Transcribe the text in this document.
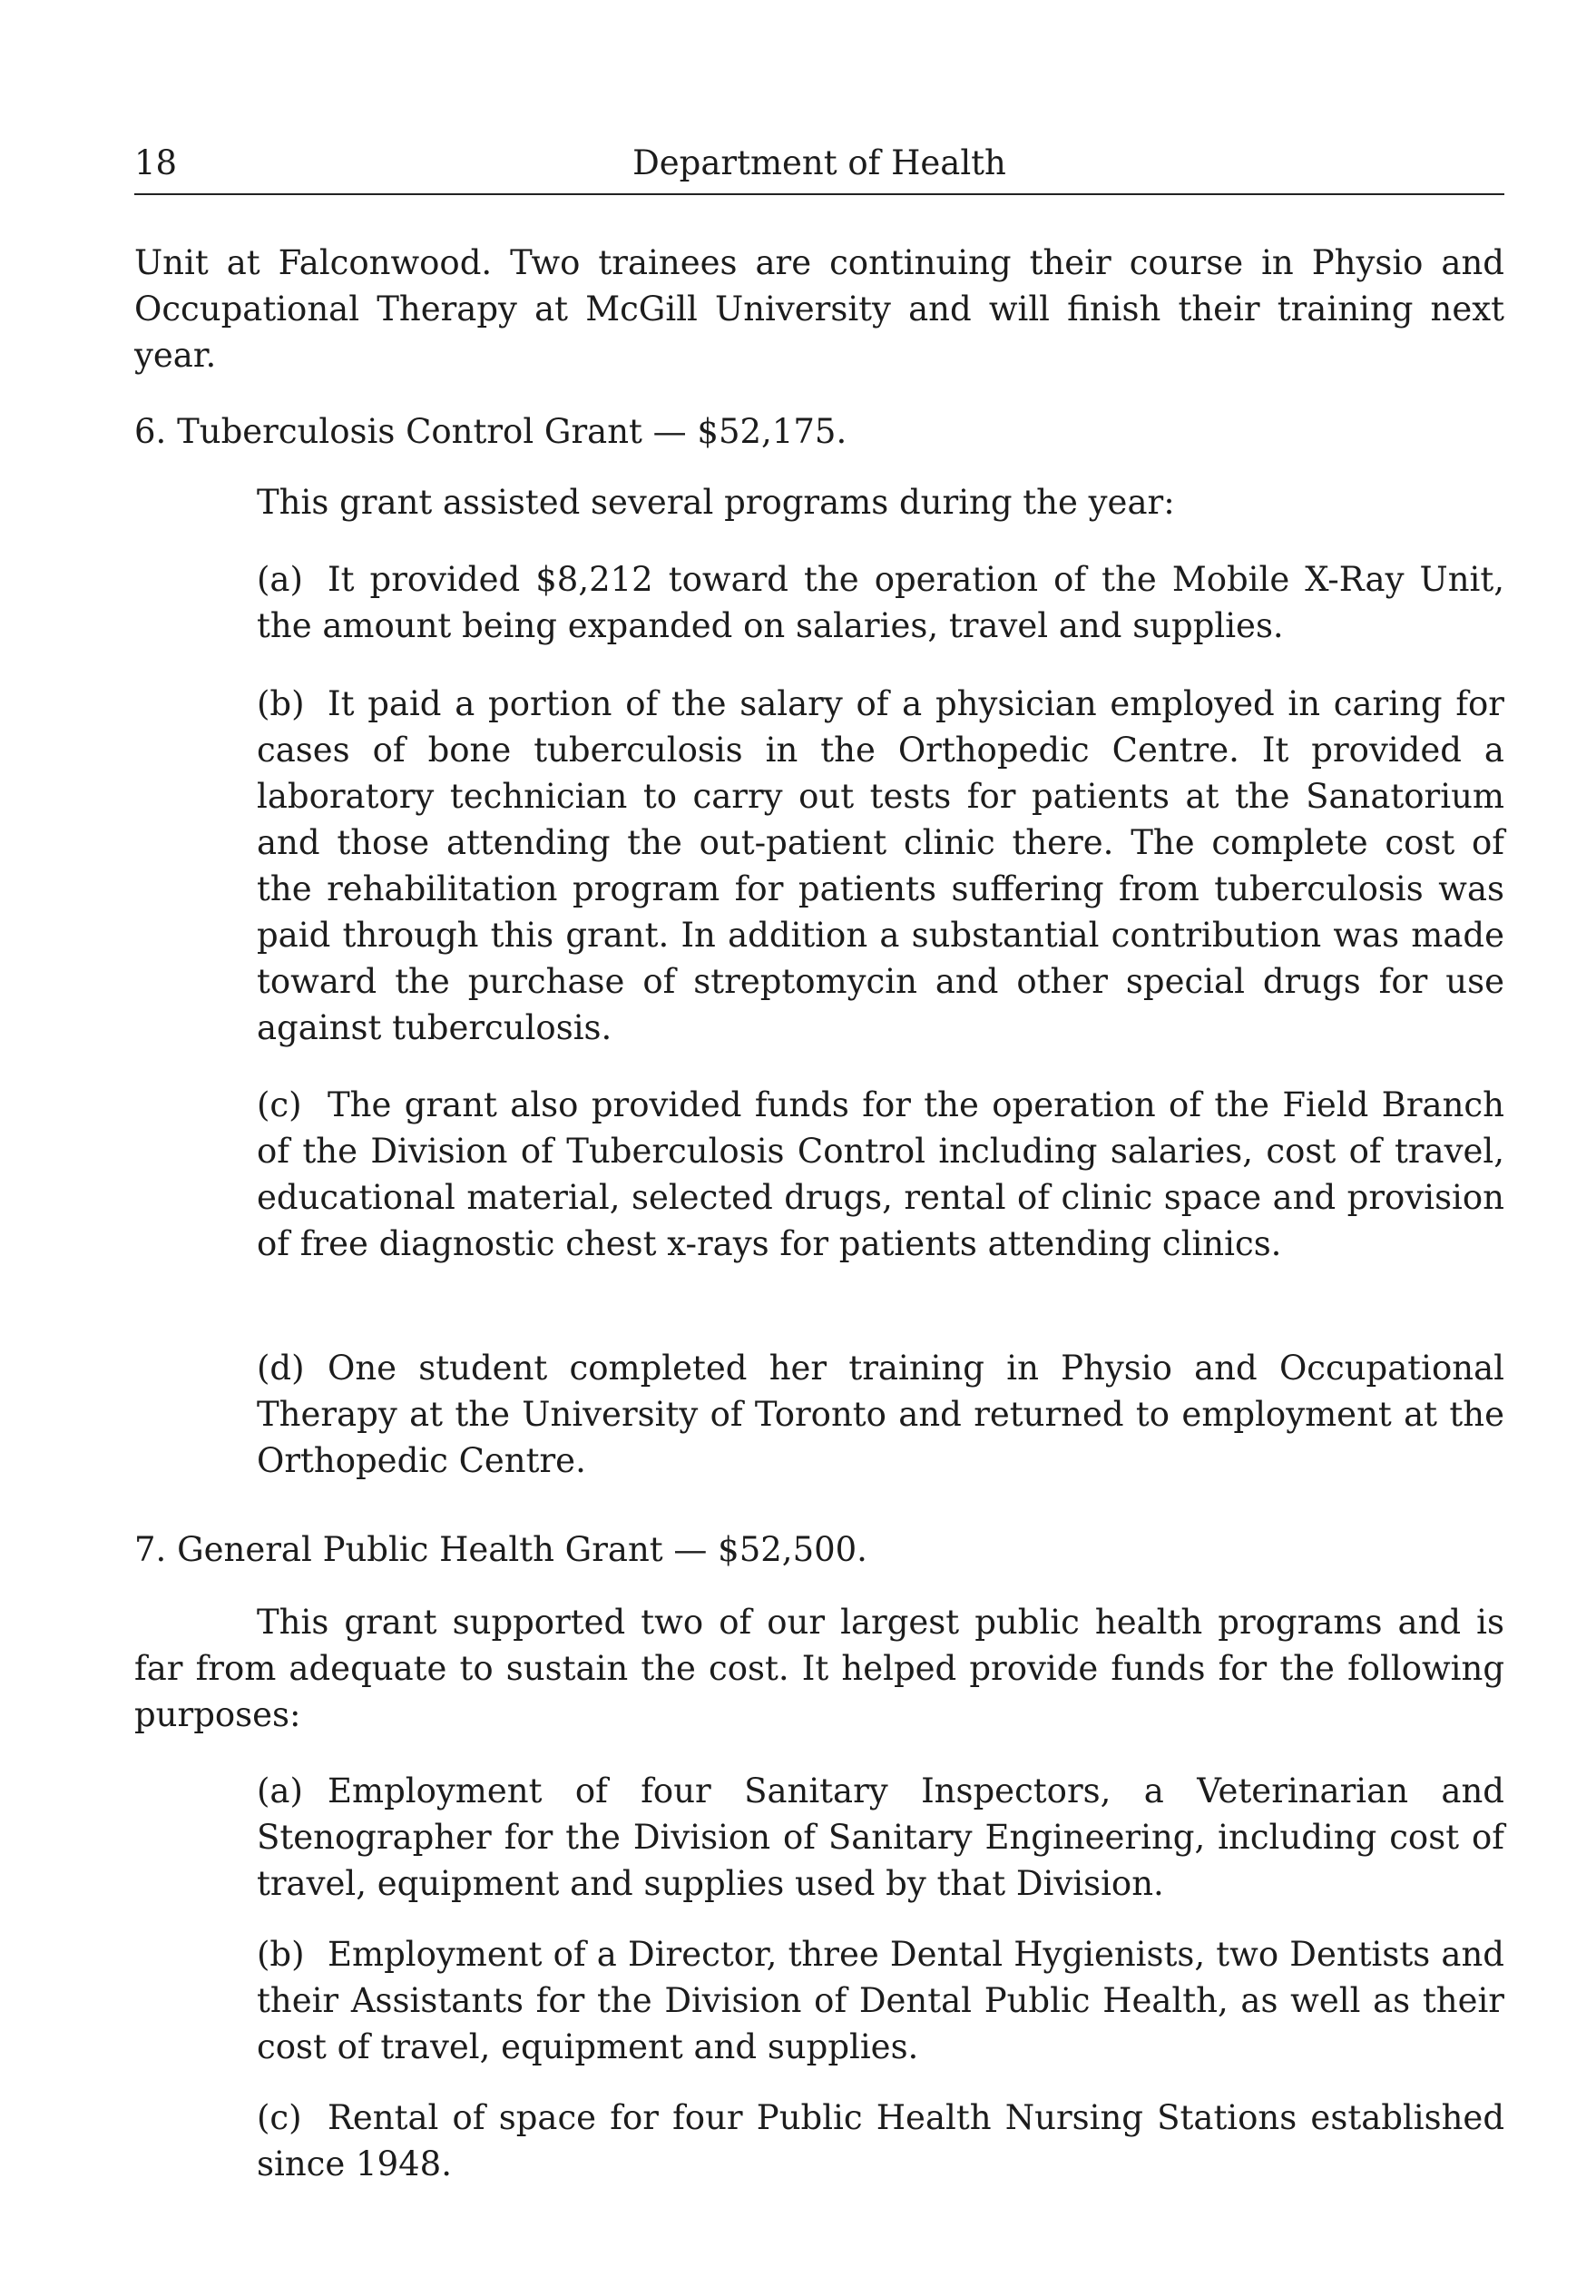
18	Department of Health

Unit at Falconwood. Two trainees are continuing their course in Physio and Occupational Therapy at McGill University and will finish their training next year.

6. Tuberculosis Control Grant — $52,175.

This grant assisted several programs during the year:

(a) It provided $8,212 toward the operation of the Mobile X-Ray Unit, the amount being expanded on salaries, travel and supplies.

(b) It paid a portion of the salary of a physician employed in caring for cases of bone tuberculosis in the Orthopedic Centre. It provided a laboratory technician to carry out tests for patients at the Sanatorium and those attending the out-patient clinic there. The complete cost of the rehabilitation program for patients suffering from tuberculosis was paid through this grant. In addition a substantial contribution was made toward the purchase of streptomycin and other special drugs for use against tuberculosis.

(c) The grant also provided funds for the operation of the Field Branch of the Division of Tuberculosis Control including salaries, cost of travel, educational material, selected drugs, rental of clinic space and provision of free diagnostic chest x-rays for patients attending clinics.

(d) One student completed her training in Physio and Occupational Therapy at the University of Toronto and returned to employment at the Orthopedic Centre.

7. General Public Health Grant — $52,500.

This grant supported two of our largest public health programs and is far from adequate to sustain the cost. It helped provide funds for the following purposes:

(a) Employment of four Sanitary Inspectors, a Veterinarian and Stenographer for the Division of Sanitary Engineering, including cost of travel, equipment and supplies used by that Division.

(b) Employment of a Director, three Dental Hygienists, two Dentists and their Assistants for the Division of Dental Public Health, as well as their cost of travel, equipment and supplies.

(c) Rental of space for four Public Health Nursing Stations established since 1948.
